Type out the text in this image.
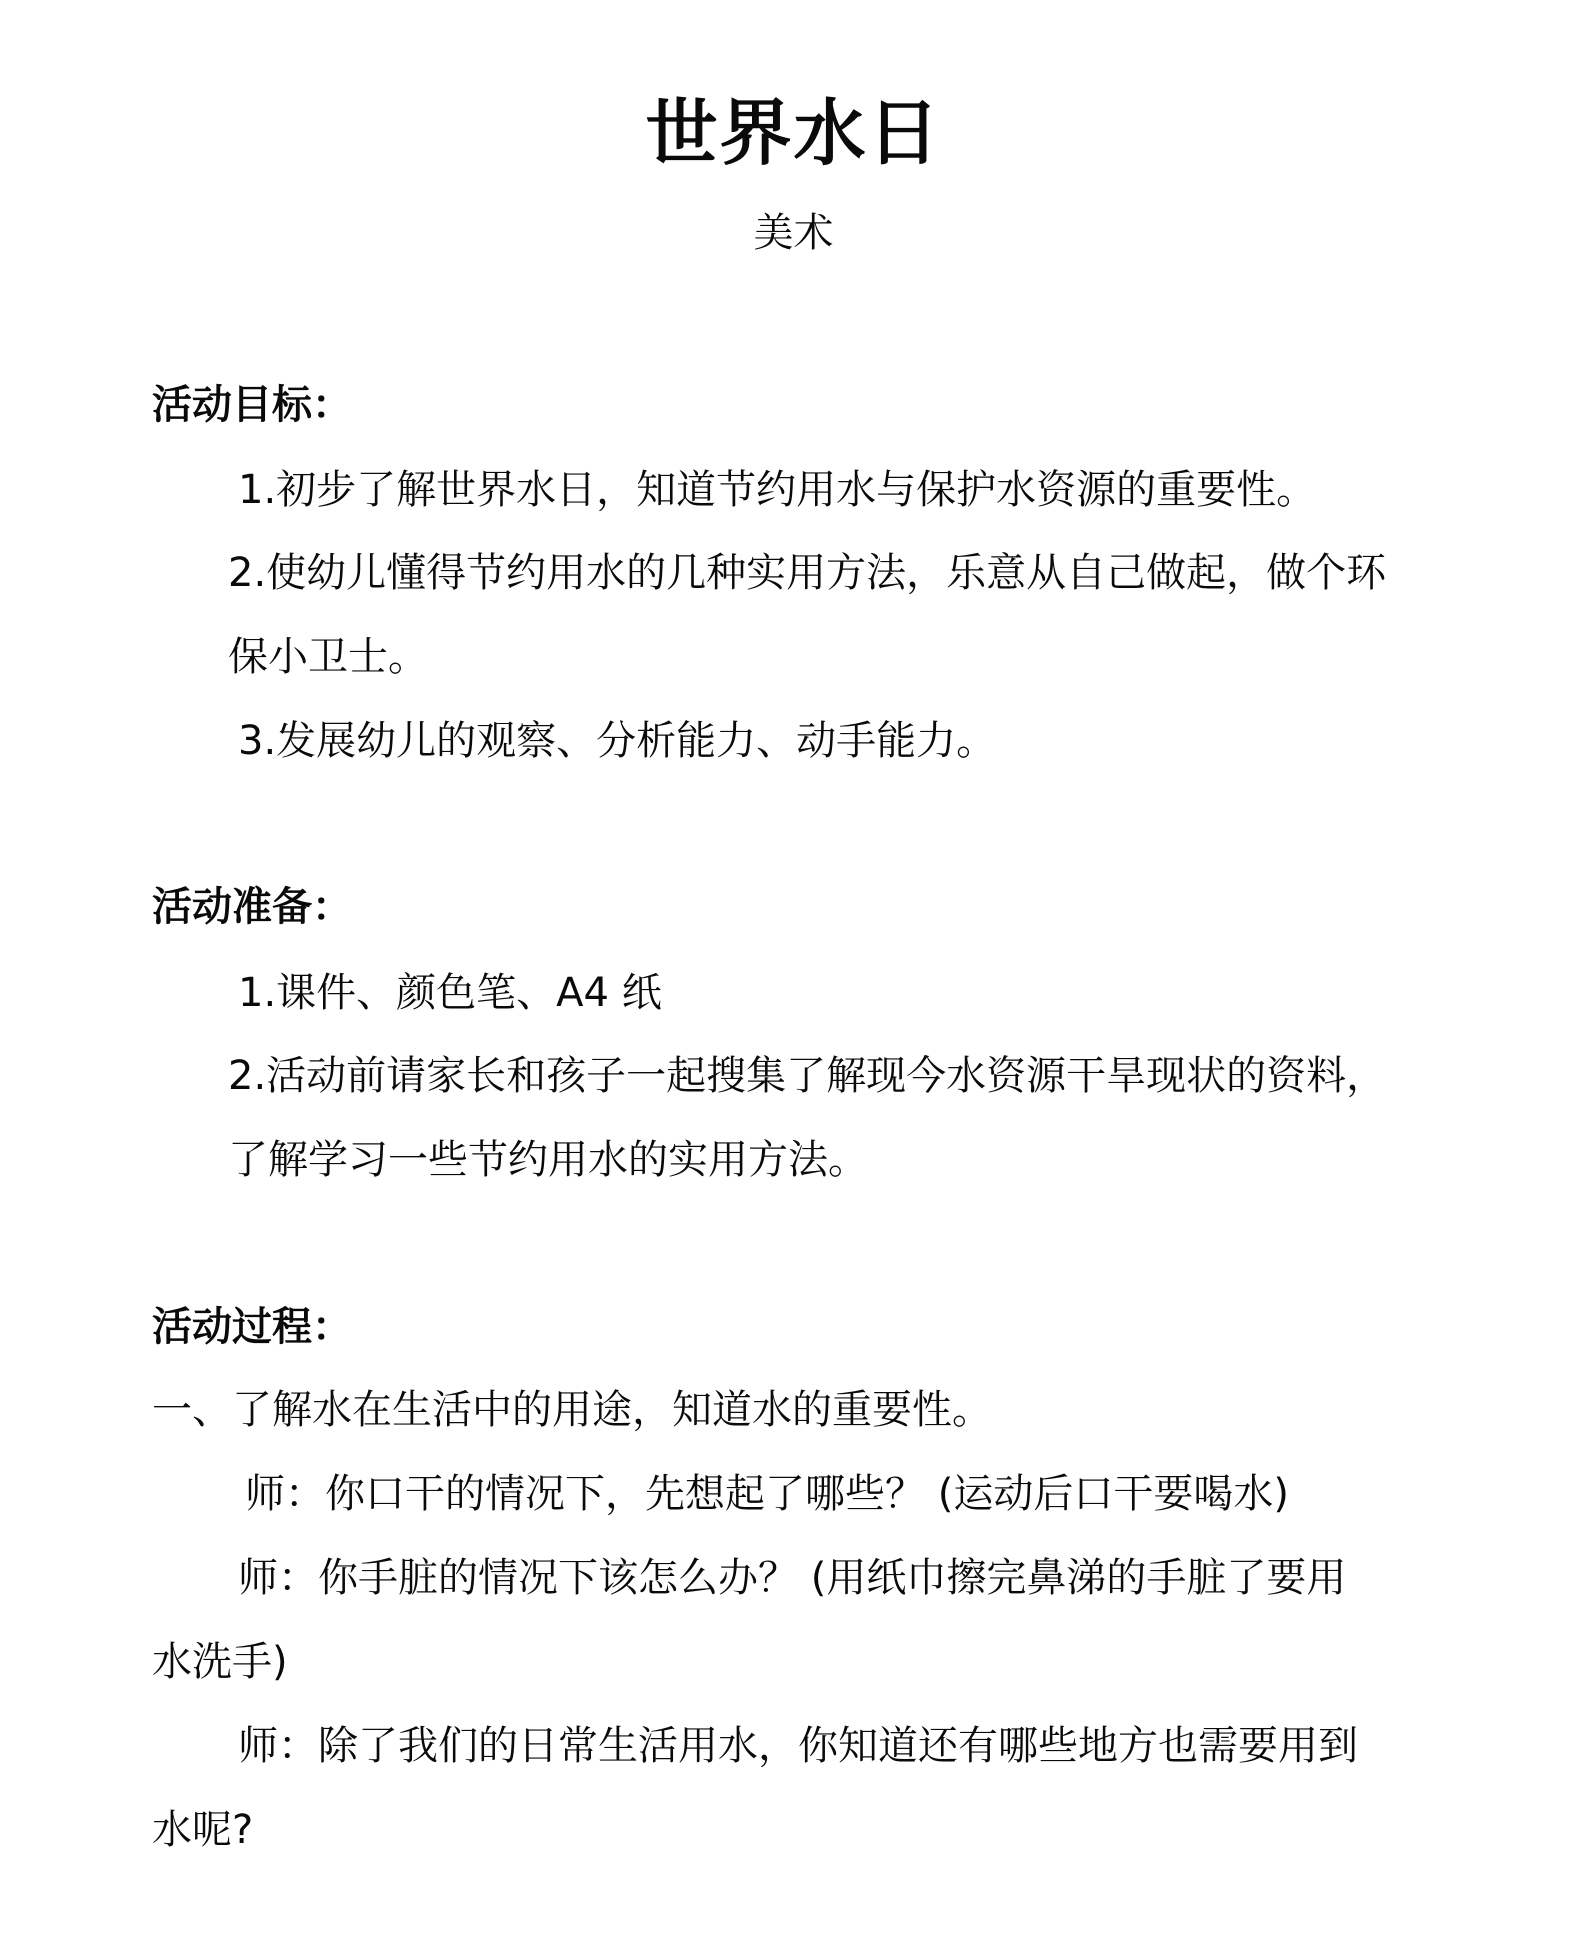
世界水日
美术
活动目标：
1.初步了解世界水日，知道节约用水与保护水资源的重要性。
2.使幼儿懂得节约用水的几种实用方法，乐意从自己做起，做个环
保小卫士。
3.发展幼儿的观察、分析能力、动手能力。
活动准备：
1.课件、颜色笔、A4 纸
2.活动前请家长和孩子一起搜集了解现今水资源干旱现状的资料，
了解学习一些节约用水的实用方法。
活动过程：
一、了解水在生活中的用途，知道水的重要性。
师：你口干的情况下，先想起了哪些？ (运动后口干要喝水)
师：你手脏的情况下该怎么办？ (用纸巾擦完鼻涕的手脏了要用
水洗手)
师：除了我们的日常生活用水，你知道还有哪些地方也需要用到
水呢?
